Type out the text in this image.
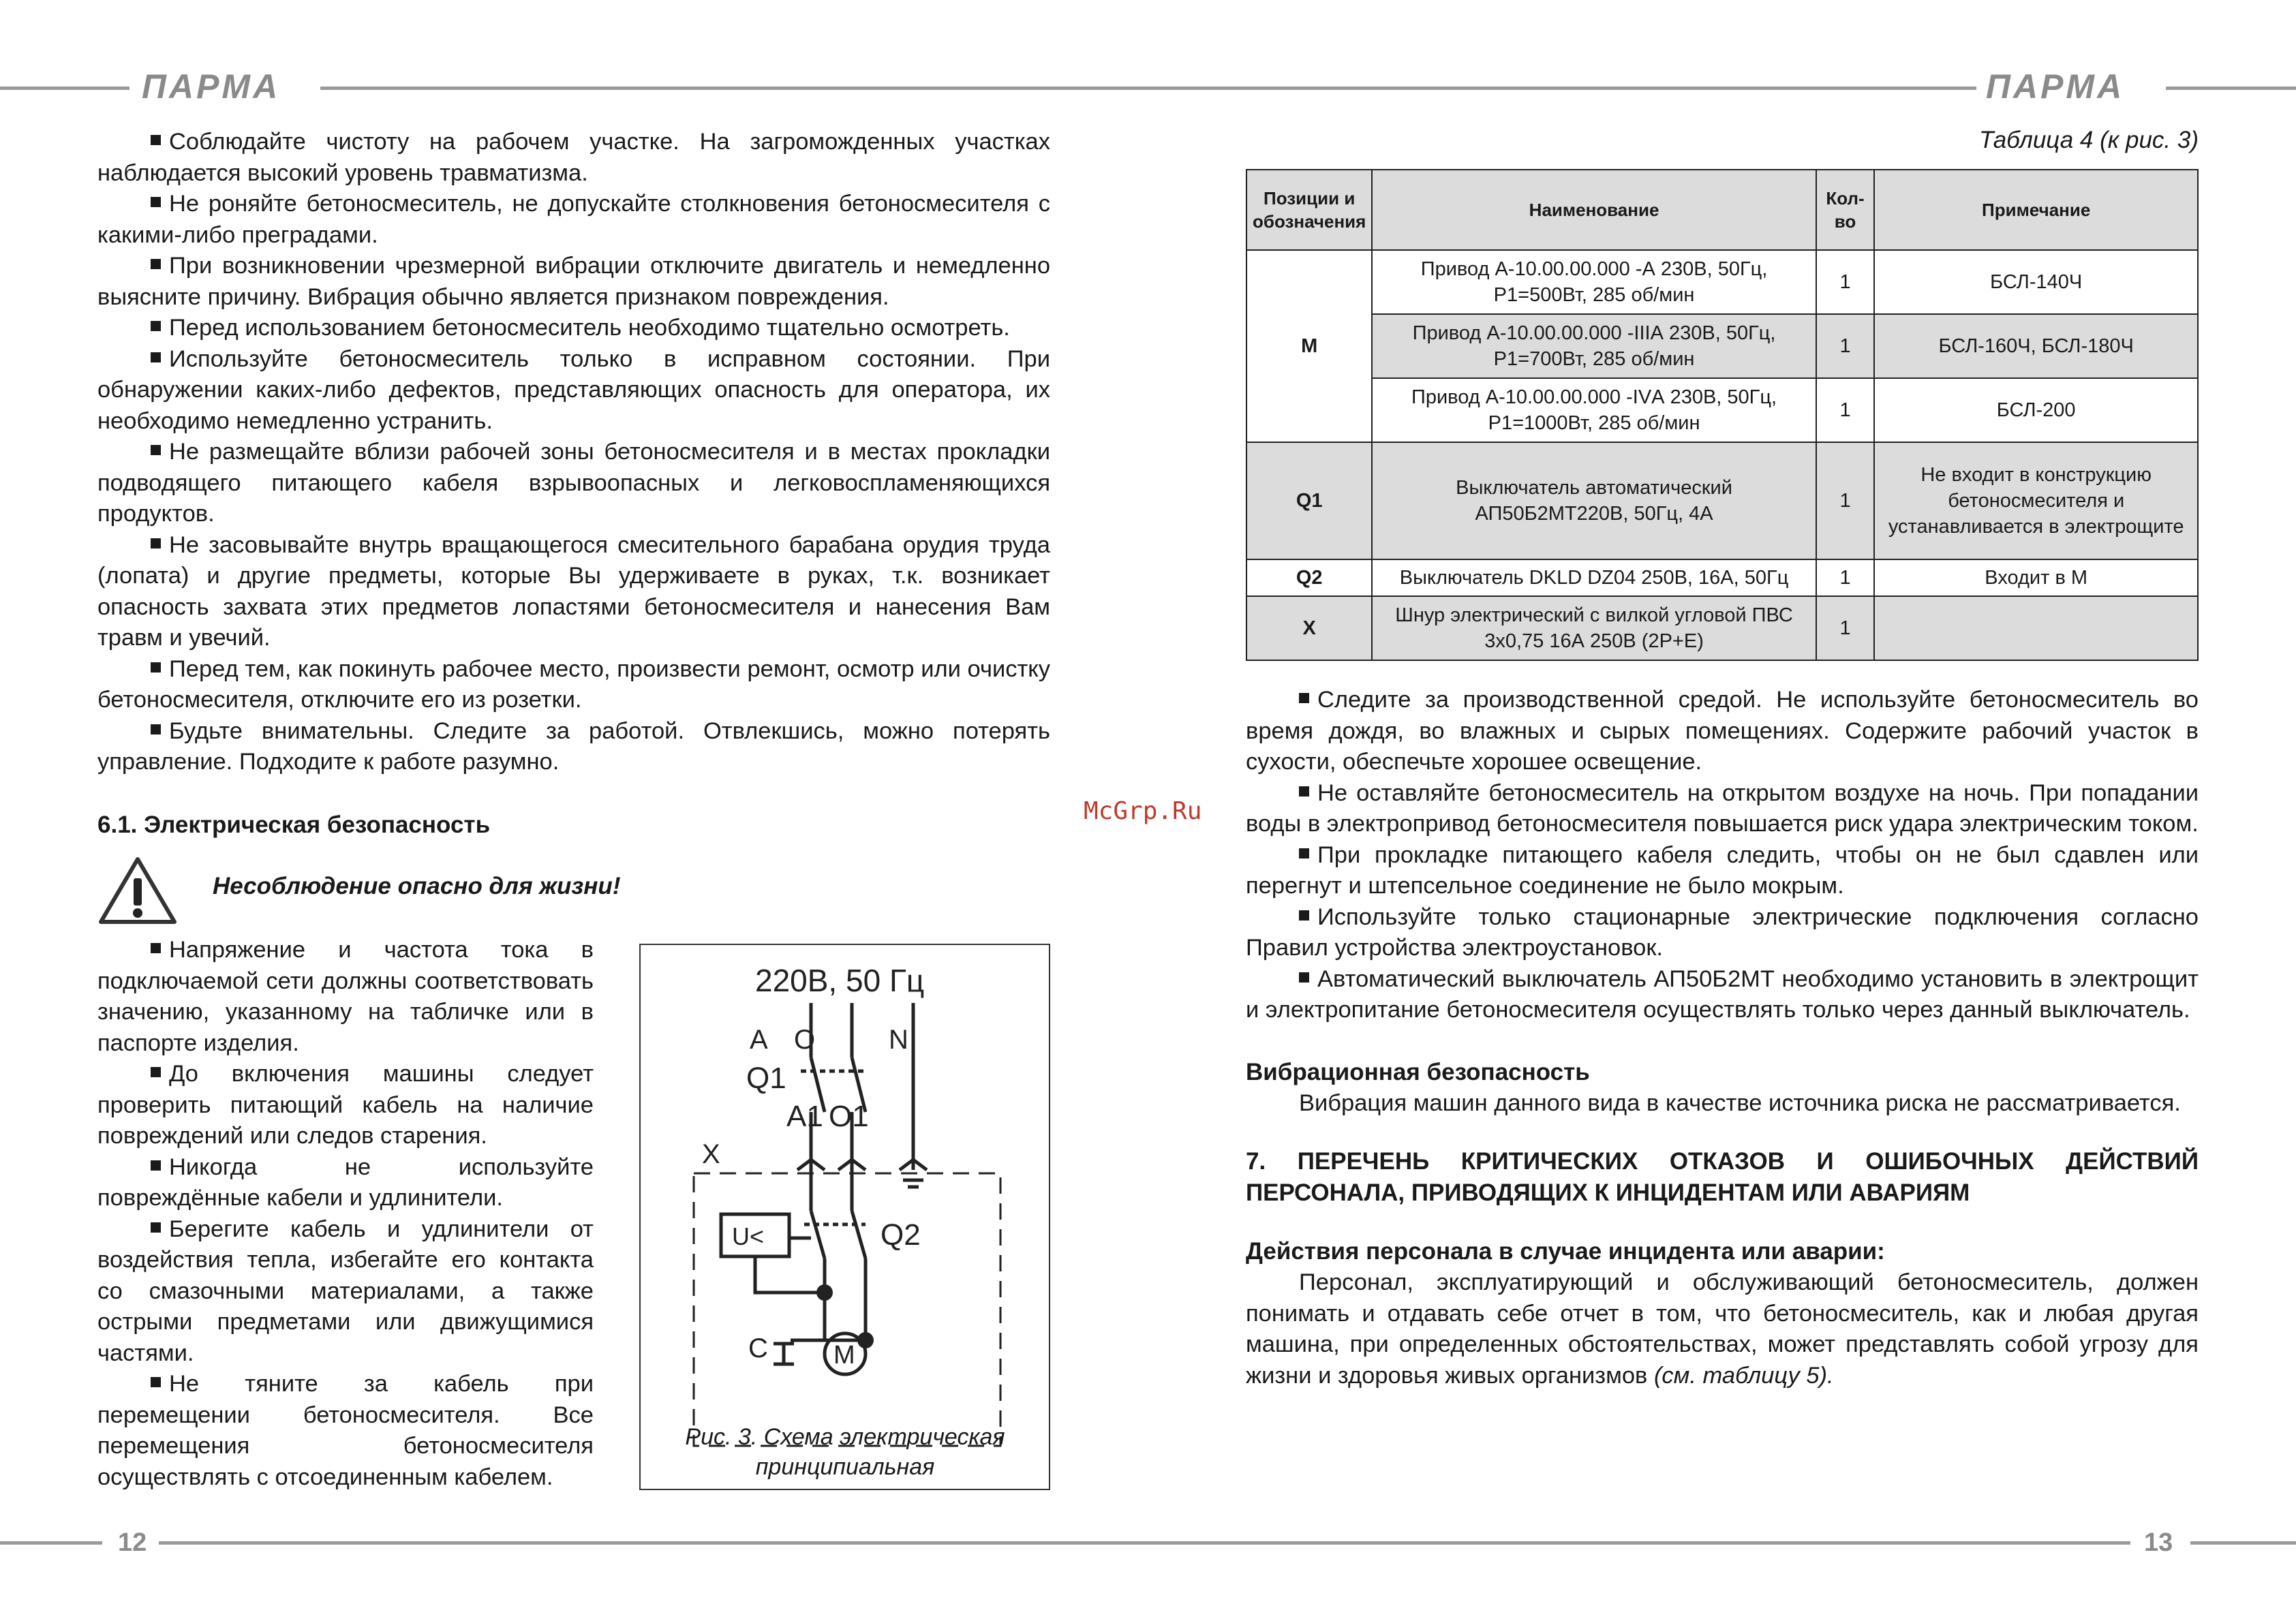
ПАРМА	ПАРМА

Соблюдайте чистоту на рабочем участке. На загроможденных участках наблюдается высокий уровень травматизма.

Не роняйте бетоносмеситель, не допускайте столкновения бетоносмесителя с какими-либо преградами.

При возникновении чрезмерной вибрации отключите двигатель и немедленно выясните причину. Вибрация обычно является признаком повреждения.

Перед использованием бетоносмеситель необходимо тщательно осмотреть.

Используйте бетоносмеситель только в исправном состоянии. При обнаружении каких-либо дефектов, представляющих опасность для оператора, их необходимо немедленно устранить.

Не размещайте вблизи рабочей зоны бетоносмесителя и в местах прокладки подводящего питающего кабеля взрывоопасных и легковоспламеняющихся продуктов.

Не засовывайте внутрь вращающегося смесительного барабана орудия труда (лопата) и другие предметы, которые Вы удерживаете в руках, т.к. возникает опасность захвата этих предметов лопастями бетоносмесителя и нанесения Вам травм и увечий.

Перед тем, как покинуть рабочее место, произвести ремонт, осмотр или очистку бетоносмесителя, отключите его из розетки.

Будьте внимательны. Следите за работой. Отвлекшись, можно потерять управление. Подходите к работе разумно.

6.1. Электрическая безопасность

Несоблюдение опасно для жизни!

Напряжение и частота тока в подключаемой сети должны соответствовать значению, указанному на табличке или в паспорте изделия.

До включения машины следует проверить питающий кабель на наличие повреждений или следов старения.

Никогда не используйте повреждённые кабели и удлинители.

Берегите кабель и удлинители от воздействия тепла, избегайте его контакта со смазочными материалами, а также острыми предметами или движущимися частями.

Не тяните за кабель при перемещении бетоносмесителя. Все перемещения бетоносмесителя осуществлять с отсоединенным кабелем.

220В, 50 Гц
A O	N
Q1
A1 O1
X
Q2
C
U<
M

Рис. 3. Схема электрическая принципиальная

12
McGrp.Ru

Таблица 4 (к рис. 3)

Позиции и обозначения	Наименование	Кол-во	Примечание
M	Привод А-10.00.00.000 -А 230В, 50Гц, Р1=500Вт, 285 об/мин	1	БСЛ-140Ч
	Привод А-10.00.00.000 -IIIА 230В, 50Гц, Р1=700Вт, 285 об/мин	1	БСЛ-160Ч, БСЛ-180Ч
	Привод А-10.00.00.000 -IVА 230В, 50Гц, Р1=1000Вт, 285 об/мин	1	БСЛ-200
Q1	Выключатель автоматический АП50Б2МТ220В, 50Гц, 4А	1	Не входит в конструкцию бетоносмесителя и устанавливается в электрощите
Q2	Выключатель DKLD DZ04 250В, 16А, 50Гц	1	Входит в М
X	Шнур электрический с вилкой угловой ПВС 3х0,75 16А 250В (2Р+Е)	1	

Следите за производственной средой. Не используйте бетоносмеситель во время дождя, во влажных и сырых помещениях. Содержите рабочий участок в сухости, обеспечьте хорошее освещение.

Не оставляйте бетоносмеситель на открытом воздухе на ночь. При попадании воды в электропривод бетоносмесителя повышается риск удара электрическим током.

При прокладке питающего кабеля следить, чтобы он не был сдавлен или перегнут и штепсельное соединение не было мокрым.

Используйте только стационарные электрические подключения согласно Правил устройства электроустановок.

Автоматический выключатель АП50Б2МТ необходимо установить в электрощит и электропитание бетоносмесителя осуществлять только через данный выключатель.

Вибрационная безопасность

Вибрация машин данного вида в качестве источника риска не рассматривается.

7. ПЕРЕЧЕНЬ КРИТИЧЕСКИХ ОТКАЗОВ И ОШИБОЧНЫХ ДЕЙСТВИЙ ПЕРСОНАЛА, ПРИВОДЯЩИХ К ИНЦИДЕНТАМ ИЛИ АВАРИЯМ

Действия персонала в случае инцидента или аварии:

Персонал, эксплуатирующий и обслуживающий бетоносмеситель, должен понимать и отдавать себе отчет в том, что бетоносмеситель, как и любая другая машина, при определенных обстоятельствах, может представлять собой угрозу для жизни и здоровья живых организмов (см. таблицу 5).

13
